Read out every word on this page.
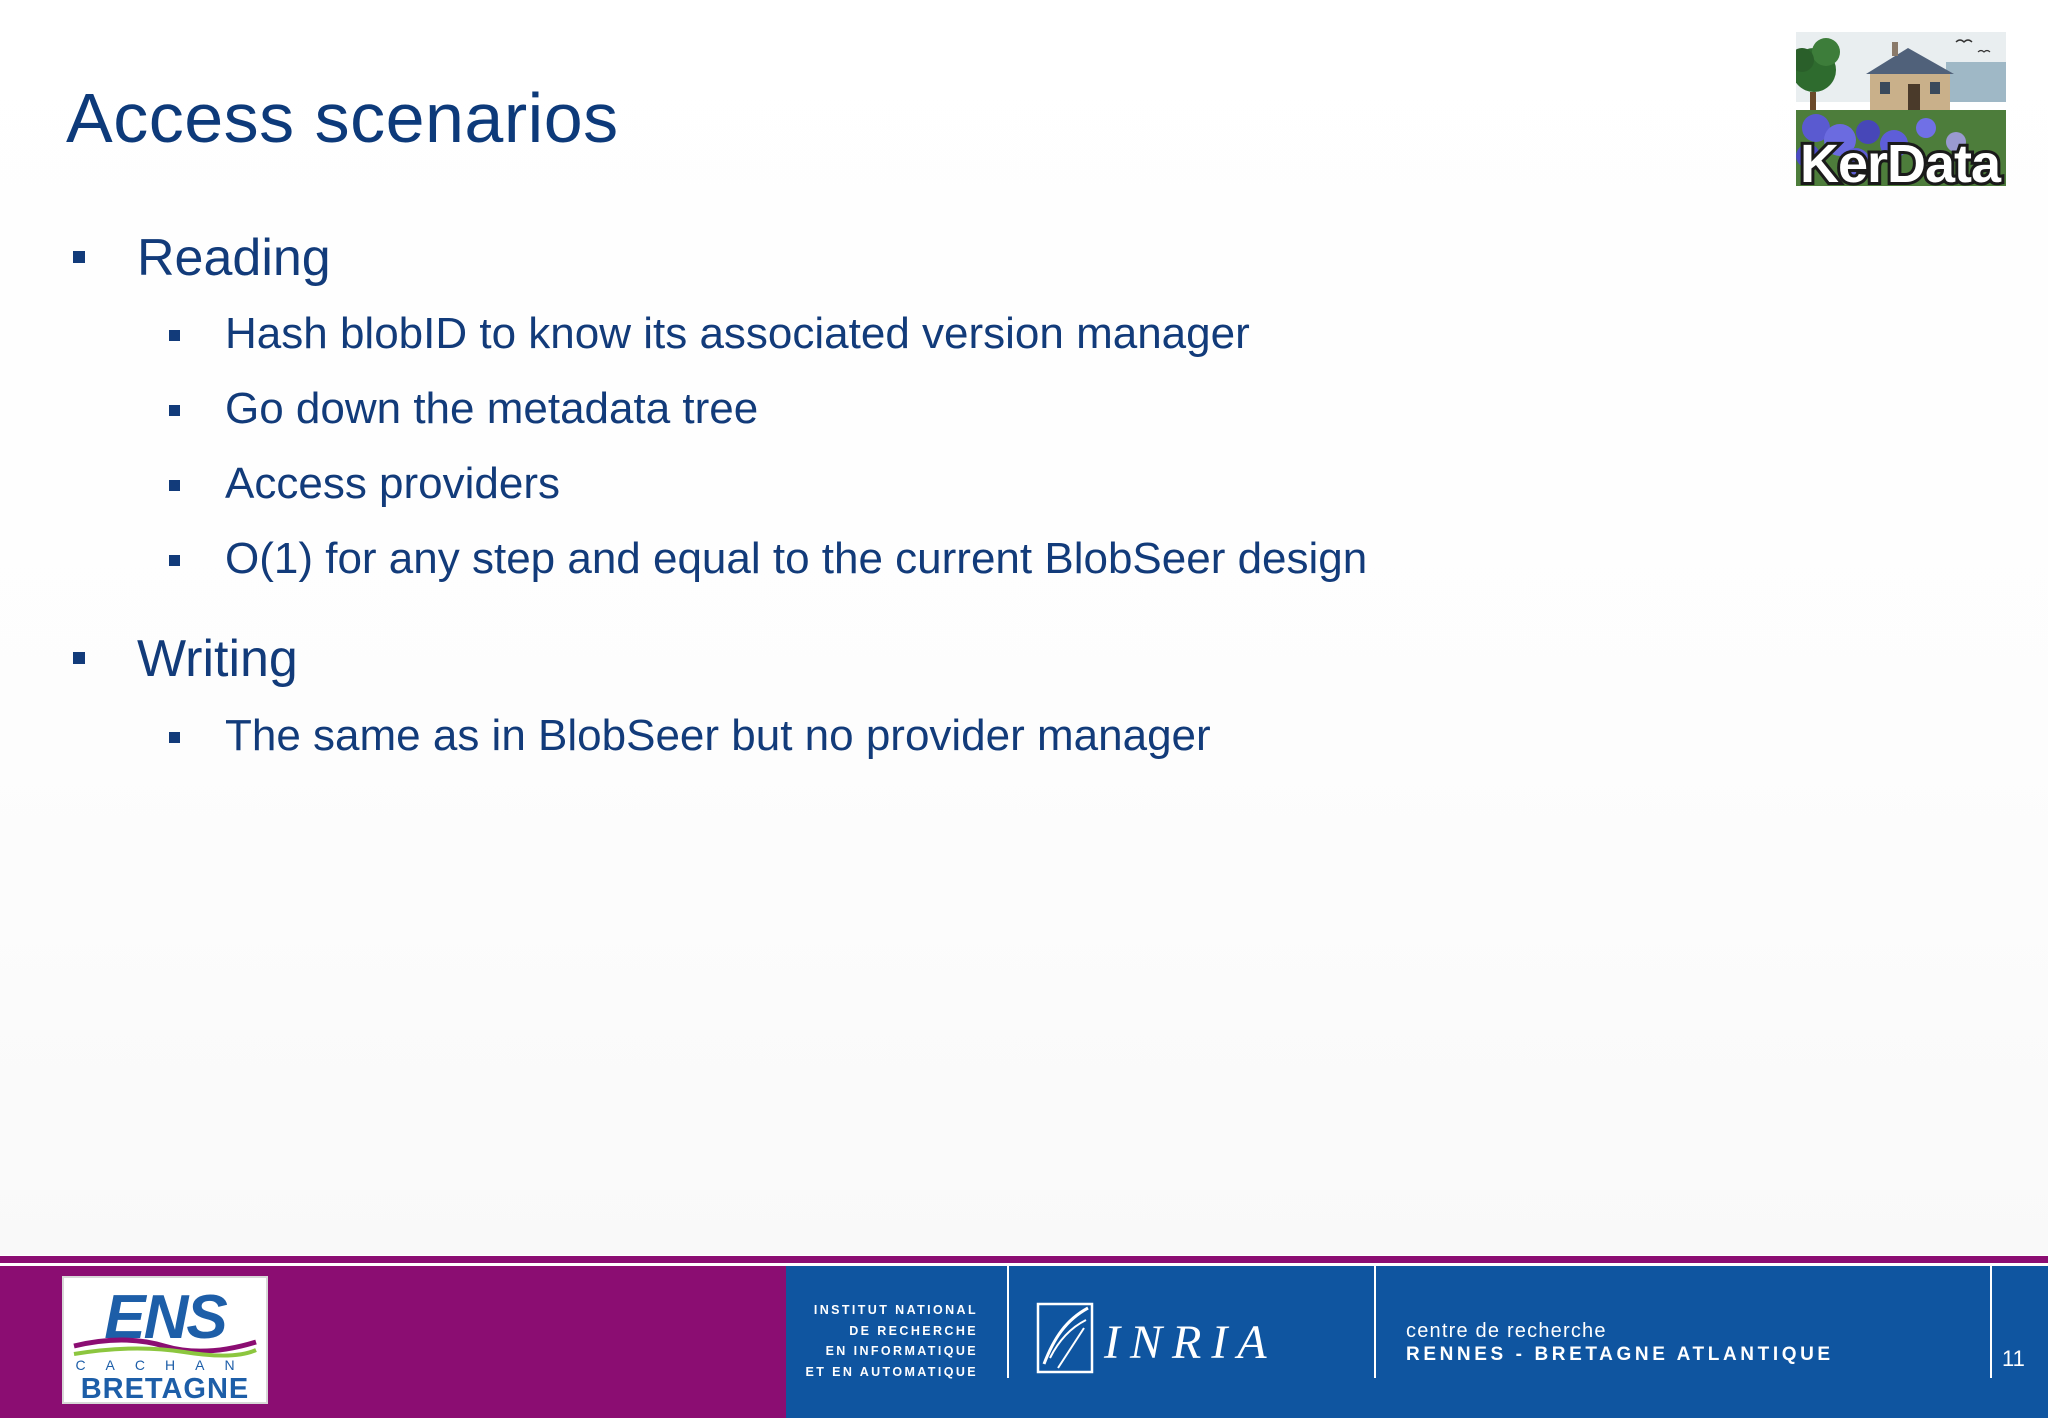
Access scenarios
KerData
Reading
Hash blobID to know its associated version manager
Go down the metadata tree
Access providers
O(1) for any step and equal to the current BlobSeer design
Writing
The same as in BlobSeer but no provider manager
ENS
CACHAN
BRETAGNE
INSTITUT NATIONAL
DE RECHERCHE
EN INFORMATIQUE
ET EN AUTOMATIQUE
INRIA	centre de recherche
RENNES - BRETAGNE ATLANTIQUE	11
